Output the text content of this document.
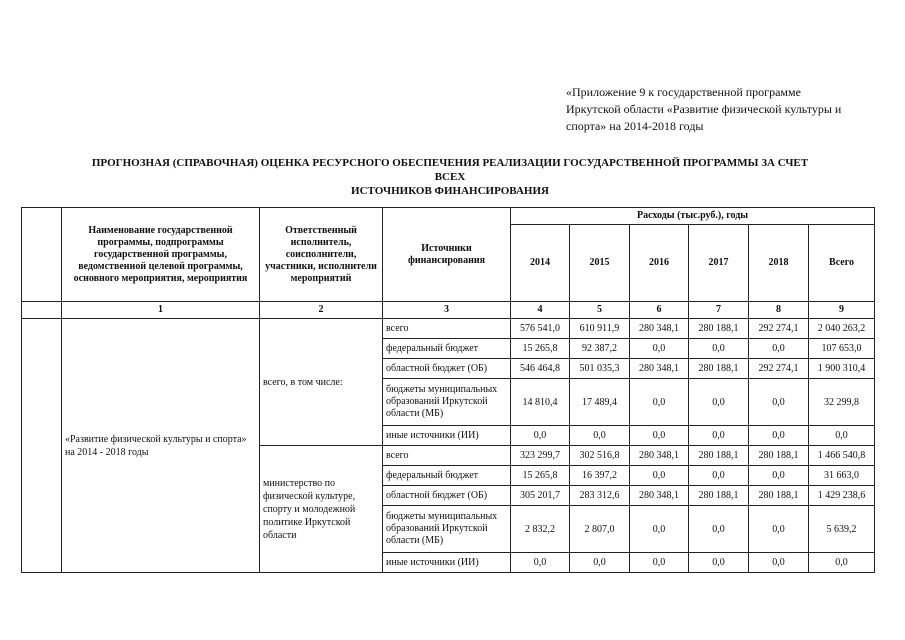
«Приложение 9 к государственной программе
Иркутской области «Развитие физической культуры и
спорта» на 2014-2018 годы
ПРОГНОЗНАЯ (СПРАВОЧНАЯ) ОЦЕНКА РЕСУРСНОГО ОБЕСПЕЧЕНИЯ РЕАЛИЗАЦИИ ГОСУДАРСТВЕННОЙ ПРОГРАММЫ ЗА СЧЕТ ВСЕХ
ИСТОЧНИКОВ ФИНАНСИРОВАНИЯ
	Наименование государственной программы, подпрограммы государственной программы, ведомственной целевой программы, основного мероприятия, мероприятия	Ответственный исполнитель, соисполнители, участники, исполнители мероприятий	Источники финансирования	Расходы (тыс.руб.), годы					
				2014	2015	2016	2017	2018	Всего
	1	2	3	4	5	6	7	8	9
	«Развитие физической культуры и спорта» на 2014 - 2018 годы	всего, в том числе:	всего	576 541,0	610 911,9	280 348,1	280 188,1	292 274,1	2 040 263,2
			федеральный бюджет	15 265,8	92 387,2	0,0	0,0	0,0	107 653,0
			областной бюджет (ОБ)	546 464,8	501 035,3	280 348,1	280 188,1	292 274,1	1 900 310,4
			бюджеты муниципальных образований Иркутской области (МБ)	14 810,4	17 489,4	0,0	0,0	0,0	32 299,8
			иные источники (ИИ)	0,0	0,0	0,0	0,0	0,0	0,0
		министерство по физической культуре, спорту и молодежной политике Иркутской области	всего	323 299,7	302 516,8	280 348,1	280 188,1	280 188,1	1 466 540,8
			федеральный бюджет	15 265,8	16 397,2	0,0	0,0	0,0	31 663,0
			областной бюджет (ОБ)	305 201,7	283 312,6	280 348,1	280 188,1	280 188,1	1 429 238,6
			бюджеты муниципальных образований Иркутской области (МБ)	2 832,2	2 807,0	0,0	0,0	0,0	5 639,2
			иные источники (ИИ)	0,0	0,0	0,0	0,0	0,0	0,0
